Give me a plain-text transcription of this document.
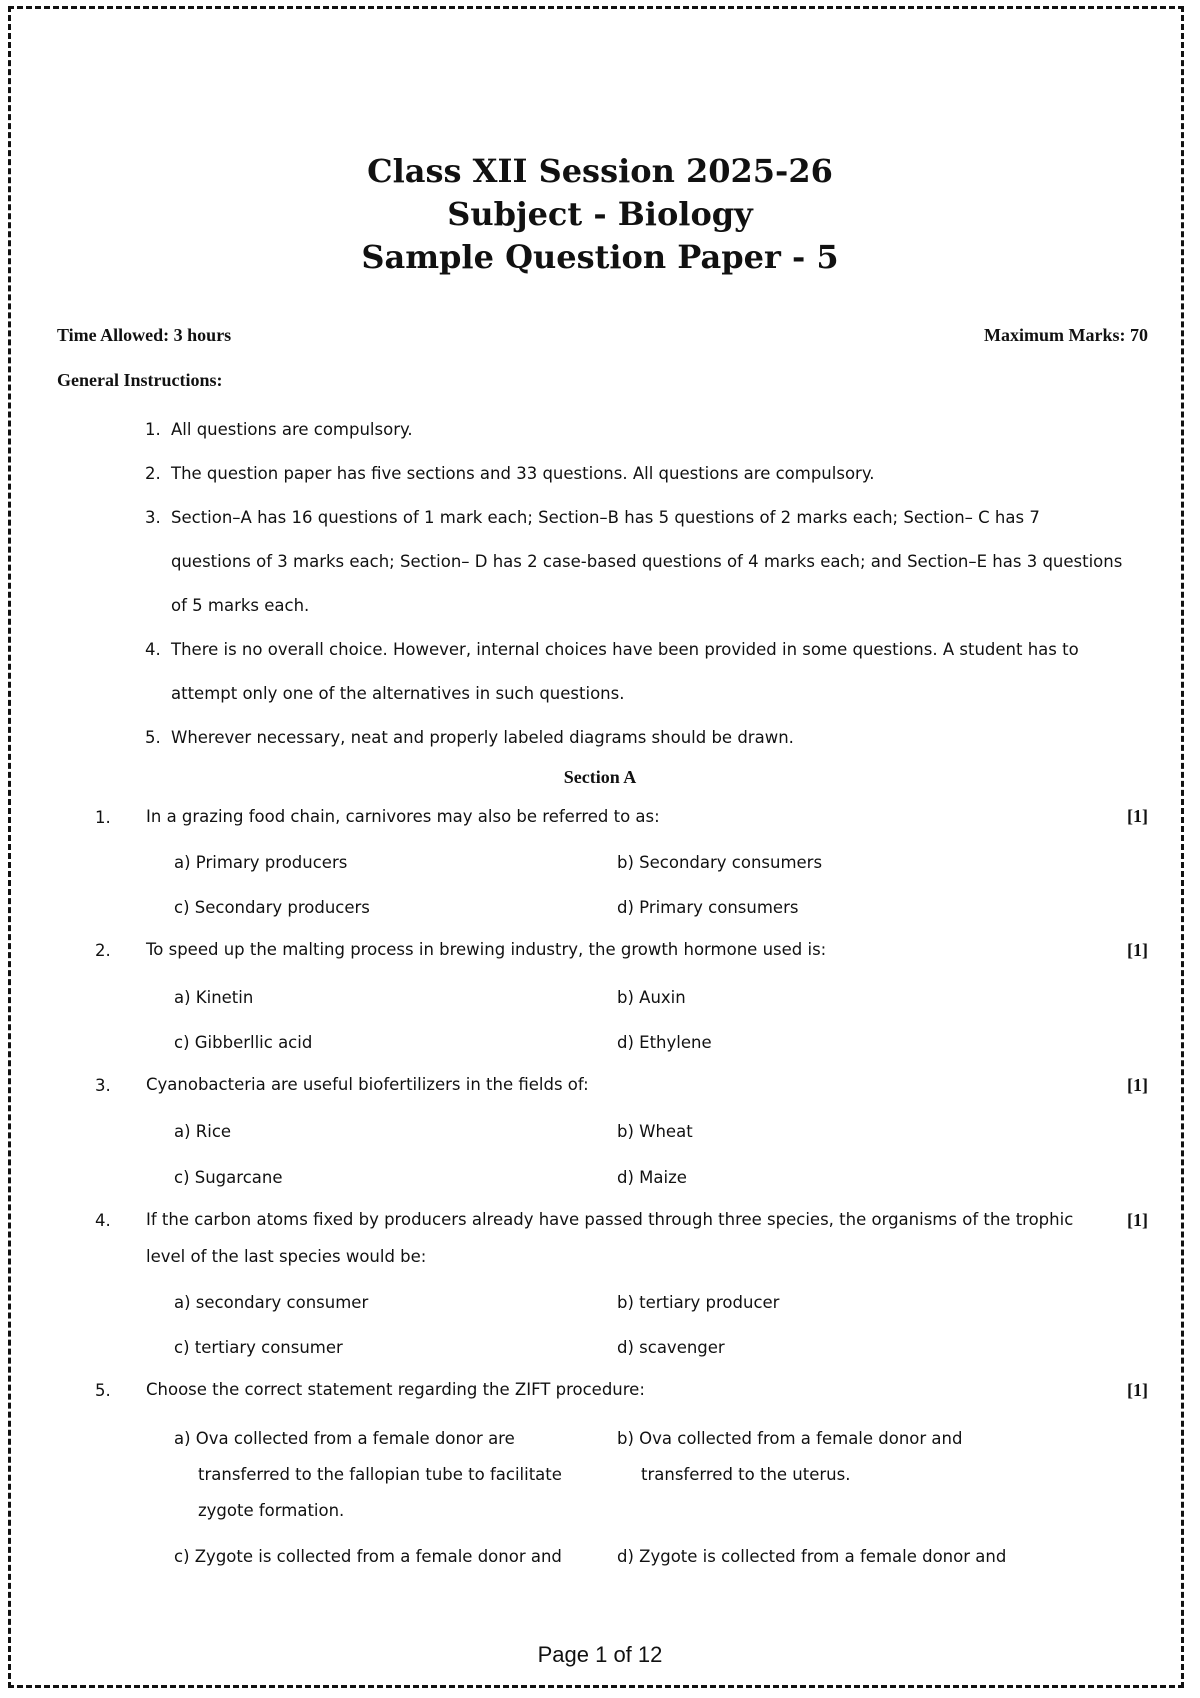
Class XII Session 2025-26
Subject - Biology
Sample Question Paper - 5
Time Allowed: 3 hours	Maximum Marks: 70
General Instructions:
1. All questions are compulsory.
2. The question paper has five sections and 33 questions. All questions are compulsory.
3. Section–A has 16 questions of 1 mark each; Section–B has 5 questions of 2 marks each; Section– C has 7
questions of 3 marks each; Section– D has 2 case-based questions of 4 marks each; and Section–E has 3 questions
of 5 marks each.
4. There is no overall choice. However, internal choices have been provided in some questions. A student has to
attempt only one of the alternatives in such questions.
5. Wherever necessary, neat and properly labeled diagrams should be drawn.
Section A
1. In a grazing food chain, carnivores may also be referred to as:	[1]
a) Primary producers	b) Secondary consumers
c) Secondary producers	d) Primary consumers
2. To speed up the malting process in brewing industry, the growth hormone used is:	[1]
a) Kinetin	b) Auxin
c) Gibberllic acid	d) Ethylene
3. Cyanobacteria are useful biofertilizers in the fields of:	[1]
a) Rice	b) Wheat
c) Sugarcane	d) Maize
4. If the carbon atoms fixed by producers already have passed through three species, the organisms of the trophic
level of the last species would be:
[1]
a) secondary consumer	b) tertiary producer
c) tertiary consumer	d) scavenger
5. Choose the correct statement regarding the ZIFT procedure:	[1]
a) Ova collected from a female donor are transferred to the fallopian tube to facilitate zygote formation.
b) Ova collected from a female donor and transferred to the uterus.
c) Zygote is collected from a female donor and	d) Zygote is collected from a female donor and
Page 1 of 12
